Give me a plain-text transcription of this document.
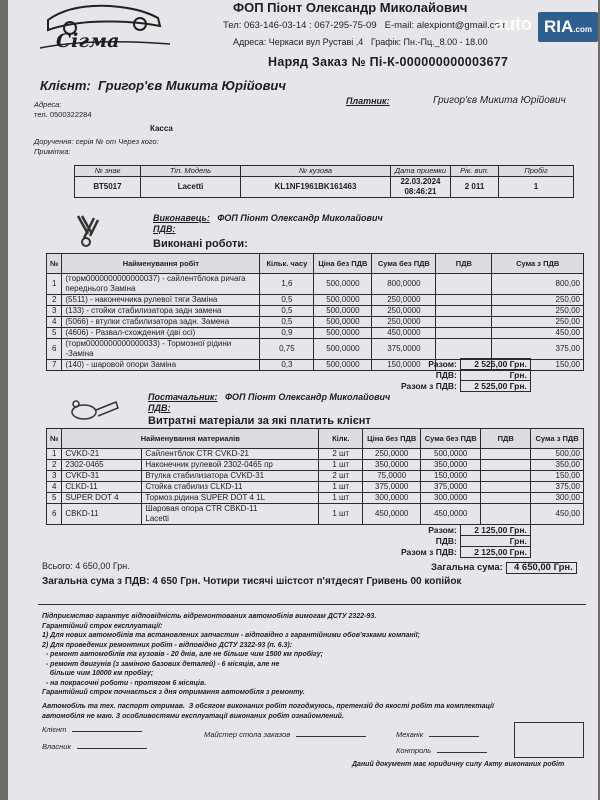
Сігма
ФОП Піонт Олександр Миколайович
Тел: 063-146-03-14 : 067-295-75-09 E-mail: alexpiont@gmail.com
Адреса: Черкаси вул Руставі ,4 Графік: Пн.-Пц._8.00 - 18.00
auto RIA.com
Наряд Заказ № Пі-К-000000000003677
Клієнт: Григор'єв Микита Юрійович
Платник:	Григор'єв Микита Юрійович
Адреса:
тел. 0500322284
Касса
Доручення: серія № от Через кого:
Примітка:
№ знак	Тіп. Модель	№ кузова	Дата приемки	Рік. вип.	Пробіг
ВТ5017	Lacetti	KL1NF1961BK161463	22.03.2024
08:46:21	2 011	1
Виконавець: ФОП Піонт Олександр Миколайович
ПДВ:
Виконані роботи:
№	Найменування робіт	Кільк. часу	Ціна без ПДВ	Сума без ПДВ	ПДВ	Сума з ПДВ
1	(торм0000000000000037) - сайлентблока ричага
переднього Заміна	1,6	500,0000	800,0000		800,00
2	(5511) - наконечника рулевої тяги Заміна	0,5	500,0000	250,0000		250,00
3	(133) - стойки стабилизатора задн замена	0,5	500,0000	250,0000		250,00
4	(5066) - втулки стабилизатора задн. Замена	0,5	500,0000	250,0000		250,00
5	(4606) - Развал-схождения (дві осі)	0,9	500,0000	450,0000		450,00
6	(торм0000000000000033) - Тормозної рідини -Заміна	0,75	500,0000	375,0000		375,00
7	(140) - шаровой опори Заміна	0,3	500,0000	150,0000		150,00
Разом:	2 525,00 Грн.
ПДВ:	Грн.
Разом з ПДВ:	2 525,00 Грн.
Постачальник: ФОП Піонт Олександр Миколайович
ПДВ:
Витратні матеріали за які платить клієнт
№	Найменування материалів		Кілк.	Ціна без ПДВ	Сума без ПДВ	ПДВ	Сума з ПДВ
1	CVKD-21	Сайлентблок CTR CVKD-21	2 шт	250,0000	500,0000		500,00
2	2302-0465	Наконечник рулевой 2302-0465 пр	1 шт	350,0000	350,0000		350,00
3	CVKD-31	Втулка стабилизатора CVKD-31	2 шт	75,0000	150,0000		150,00
4	CLKD-11	Стойка стабилиз CLKD-11	1 шт	375,0000	375,0000		375,00
5	SUPER DOT 4	Тормоз.рідина SUPER DOT 4 1L	1 шт	300,0000	300,0000		300,00
6	CBKD-11	Шаровая опора CTR CBKD-11
Lacetti	1 шт	450,0000	450,0000		450,00
Разом:	2 125,00 Грн.
ПДВ:	Грн.
Разом з ПДВ:	2 125,00 Грн.
Всього: 4 650,00 Грн.	Загальна сума:	4 650,00 Грн.
Загальна сума з ПДВ: 4 650 Грн. Чотири тисячі шістсот п'ятдесят Гривень 00 копійок
Підприємство гарантує відповідність відремонтованих автомобілів вимогам ДСТУ 2322-93.
Гарантійний строк експлуатації:
1) Для нових автомобілів та встановлених запчастин - відповідно з гарантійними обов'язками компанії;
2) Для проведених ремонтних робіт - відповідно ДСТУ 2322-93 (п. 6.3):
- ремонт автомобілів та кузовів - 20 днів, але не більше чим 1500 км пробігу;
- ремонт двигунів (з заміною базових деталей) - 6 місяців, але не
більше чим 10000 км пробігу;
- на покрасочні роботи - протягом 6 місяців.
Гарантійний строк почнається з дня отримання автомобіля з ремонту.
Автомобіль та тех. паспорт отримав.  З обсягом виконаних робіт погоджуюсь, претензій до якості робіт та комплектації
автомобіля не маю. З особливостями експлуатації виконаних робіт ознайомлений.
Клієнт
Власник
Майстер стола заказов	Механік
Контроль
Даний документ має юридичну силу Акту виконаних робіт
